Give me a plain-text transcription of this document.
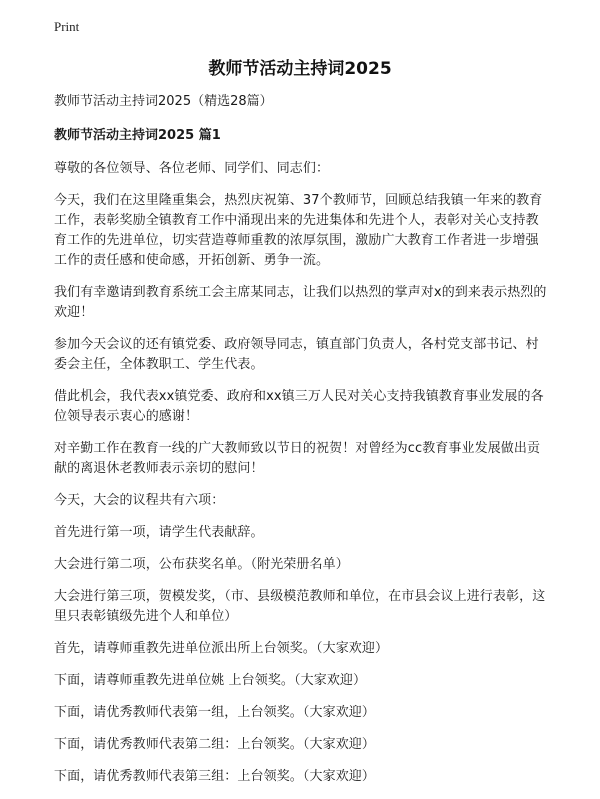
Print
教师节活动主持词2025

教师节活动主持词2025（精选28篇）

教师节活动主持词2025 篇1

尊敬的各位领导、各位老师、同学们、同志们：

今天，我们在这里隆重集会，热烈庆祝第、37个教师节，回顾总结我镇一年来的教育工作，表彰奖励全镇教育工作中涌现出来的先进集体和先进个人，表彰对关心支持教育工作的先进单位，切实营造尊师重教的浓厚氛围，激励广大教育工作者进一步增强工作的责任感和使命感，开拓创新、勇争一流。

我们有幸邀请到教育系统工会主席某同志，让我们以热烈的掌声对x的到来表示热烈的欢迎！

参加今天会议的还有镇党委、政府领导同志，镇直部门负责人，各村党支部书记、村委会主任，全体教职工、学生代表。

借此机会，我代表xx镇党委、政府和xx镇三万人民对关心支持我镇教育事业发展的各位领导表示衷心的感谢！

对辛勤工作在教育一线的广大教师致以节日的祝贺！对曾经为cc教育事业发展做出贡献的离退休老教师表示亲切的慰问！

今天，大会的议程共有六项：

首先进行第一项，请学生代表献辞。

大会进行第二项，公布获奖名单。（附光荣册名单）

大会进行第三项，贺模发奖，（市、县级模范教师和单位，在市县会议上进行表彰，这里只表彰镇级先进个人和单位）

首先，请尊师重教先进单位派出所上台领奖。（大家欢迎）

下面，请尊师重教先进单位姚 上台领奖。（大家欢迎）

下面，请优秀教师代表第一组，上台领奖。（大家欢迎）

下面，请优秀教师代表第二组：上台领奖。（大家欢迎）

下面，请优秀教师代表第三组：上台领奖。（大家欢迎）
